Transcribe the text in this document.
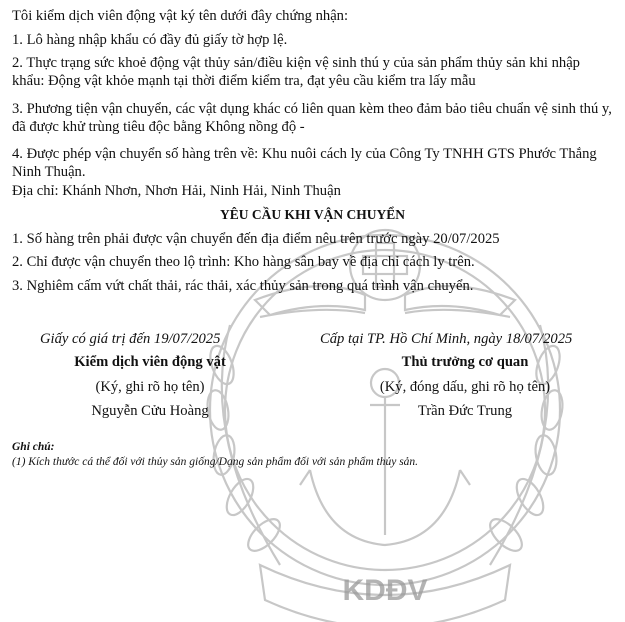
KDĐV
Tôi kiểm dịch viên động vật ký tên dưới đây chứng nhận:
1. Lô hàng nhập khẩu có đầy đủ giấy tờ hợp lệ.
2. Thực trạng sức khoẻ động vật thủy sản/điều kiện vệ sinh thú y của sản phẩm thủy sản khi nhập khẩu: Động vật khỏe mạnh tại thời điểm kiểm tra, đạt yêu cầu kiểm tra lấy mẫu
3. Phương tiện vận chuyển, các vật dụng khác có liên quan kèm theo đảm bảo tiêu chuẩn vệ sinh thú y, đã được khử trùng tiêu độc bằng Không nồng độ -
4. Được phép vận chuyển số hàng trên về: Khu nuôi cách ly của Công Ty TNHH GTS Phước Thắng Ninh Thuận.
Địa chỉ: Khánh Nhơn, Nhơn Hải, Ninh Hải, Ninh Thuận
YÊU CẦU KHI VẬN CHUYỂN
1. Số hàng trên phải được vận chuyển đến địa điểm nêu trên trước ngày 20/07/2025
2. Chỉ được vận chuyển theo lộ trình: Kho hàng sân bay về địa chỉ cách ly trên.
3. Nghiêm cấm vứt chất thải, rác thải, xác thủy sản trong quá trình vận chuyển.
Giấy có giá trị đến 19/07/2025	Cấp tại TP. Hồ Chí Minh, ngày 18/07/2025
Kiểm dịch viên động vật
(Ký, ghi rõ họ tên)
Nguyễn Cửu Hoàng
Thủ trưởng cơ quan
(Ký, đóng dấu, ghi rõ họ tên)
Trần Đức Trung
Ghi chú:
(1) Kích thước cá thể đối với thủy sản giống/Dạng sản phẩm đối với sản phẩm thủy sản.
